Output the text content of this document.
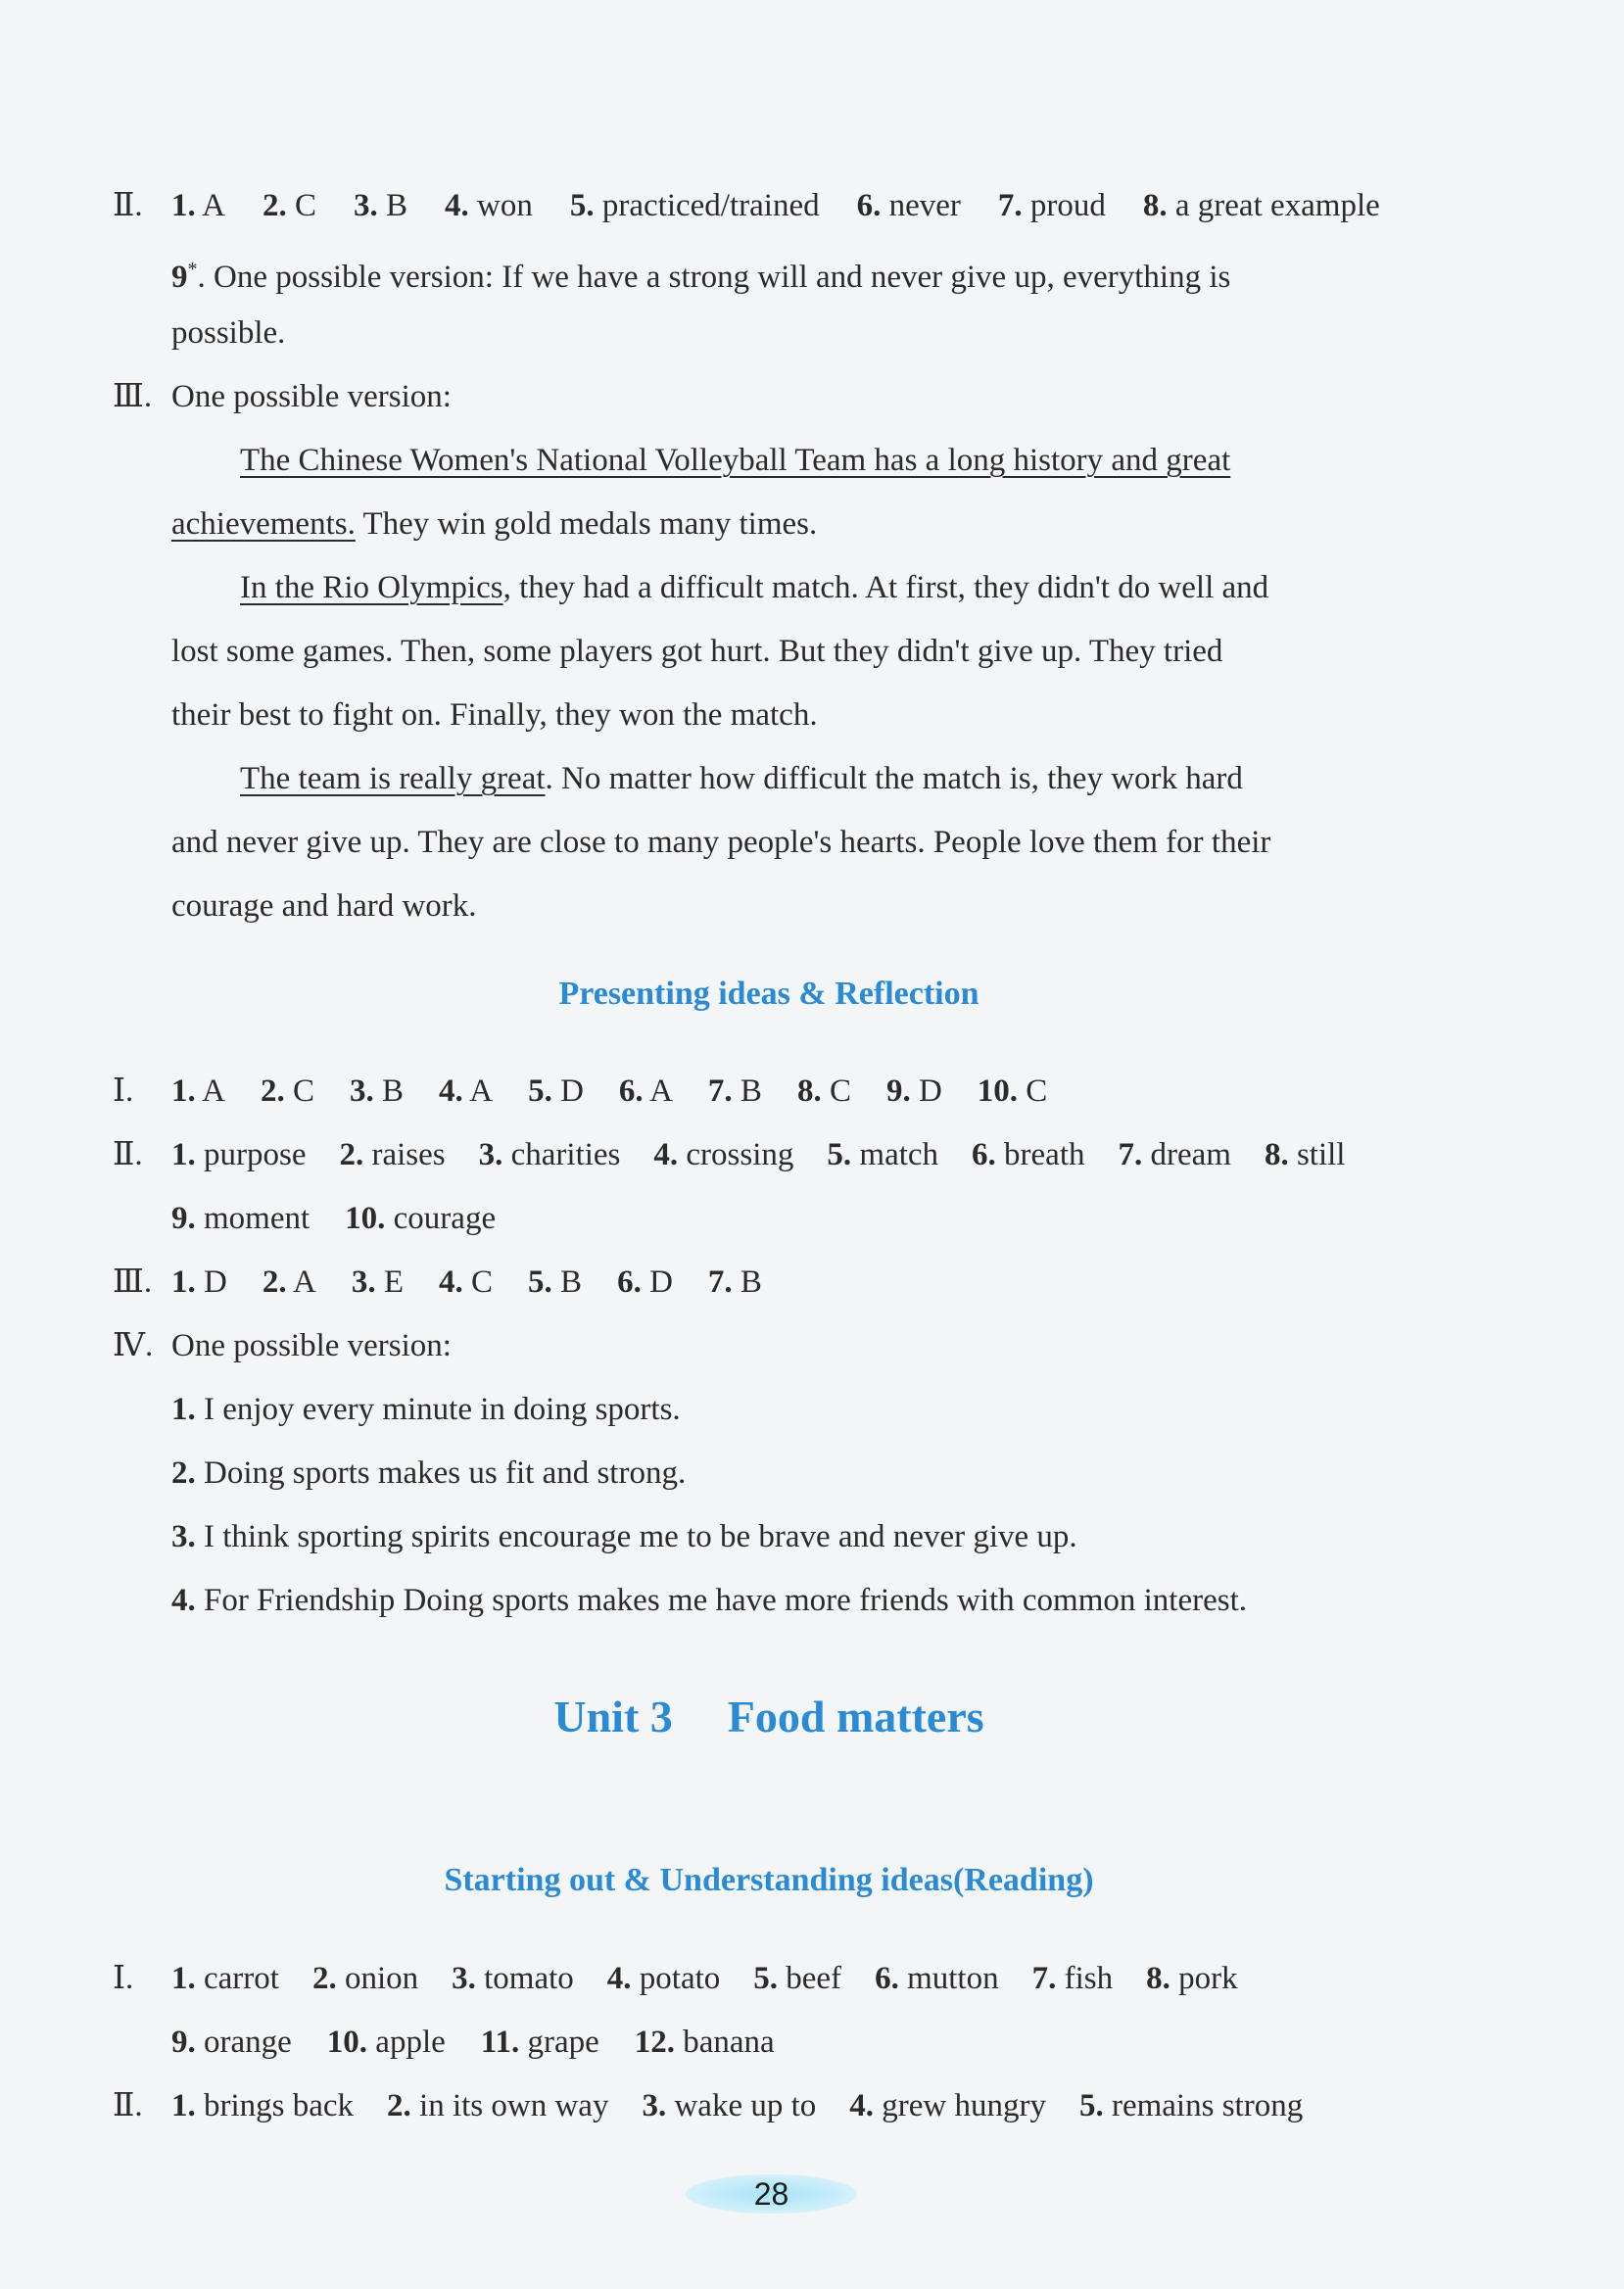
Ⅱ. 1. A 2. C 3. B 4. won 5. practiced/trained 6. never 7. proud 8. a great example
9*. One possible version: If we have a strong will and never give up, everything is
possible.
Ⅲ. One possible version:
The Chinese Women's National Volleyball Team has a long history and great
achievements. They win gold medals many times.
In the Rio Olympics, they had a difficult match. At first, they didn't do well and
lost some games. Then, some players got hurt. But they didn't give up. They tried
their best to fight on. Finally, they won the match.
The team is really great. No matter how difficult the match is, they work hard
and never give up. They are close to many people's hearts. People love them for their
courage and hard work.
Presenting ideas & Reflection
Ⅰ.	1. A 2. C 3. B 4. A 5. D 6. A 7. B 8. C 9. D 10. C
Ⅱ. 1. purpose 2. raises 3. charities 4. crossing 5. match 6. breath 7. dream 8. still
9. moment 10. courage
Ⅲ. 1. D 2. A 3. E 4. C 5. B 6. D 7. B
Ⅳ. One possible version:
1. I enjoy every minute in doing sports.
2. Doing sports makes us fit and strong.
3. I think sporting spirits encourage me to be brave and never give up.
4. For Friendship Doing sports makes me have more friends with common interest.
Unit 3 Food matters
Starting out & Understanding ideas(Reading)
Ⅰ.	1. carrot 2. onion 3. tomato 4. potato 5. beef 6. mutton 7. fish 8. pork
9. orange 10. apple 11. grape 12. banana
Ⅱ. 1. brings back 2. in its own way 3. wake up to 4. grew hungry 5. remains strong
28
